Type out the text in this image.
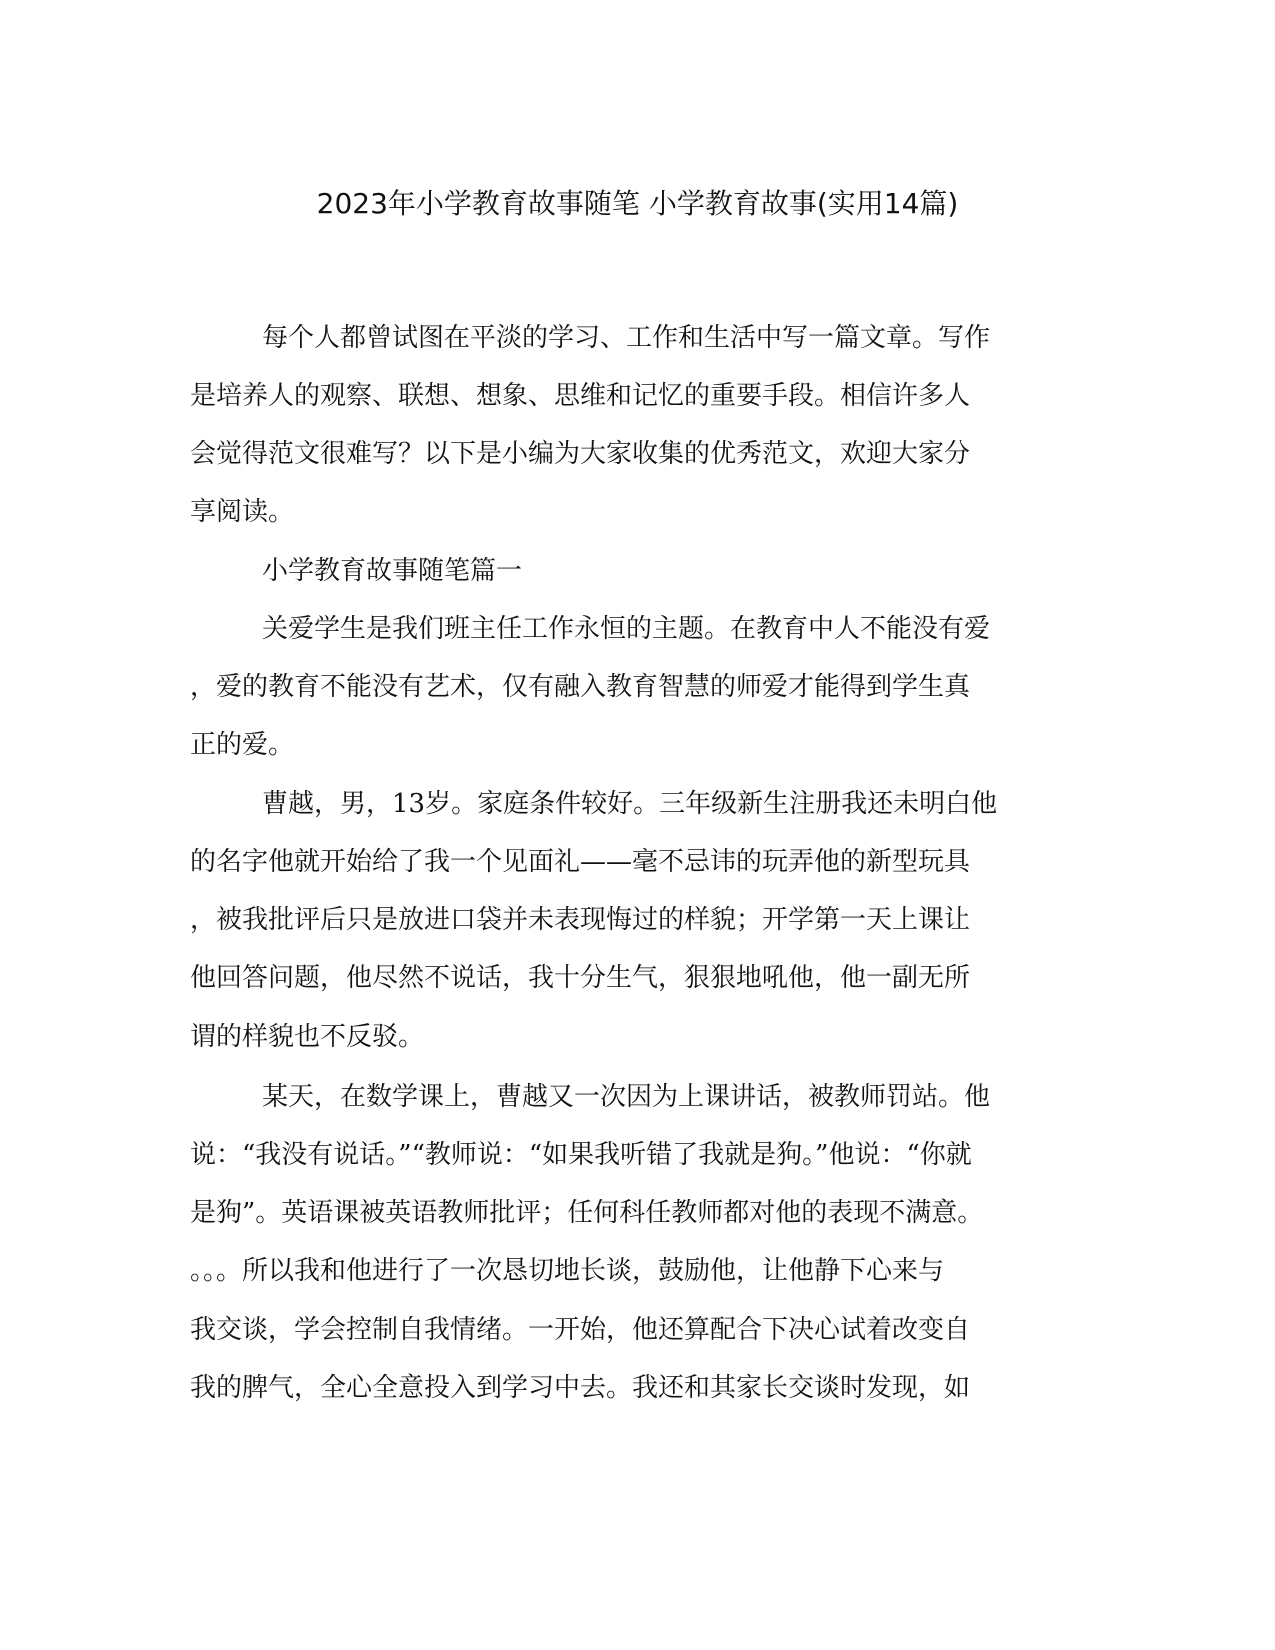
2023年小学教育故事随笔 小学教育故事(实用14篇)
每个人都曾试图在平淡的学习、工作和生活中写一篇文章。写作
是培养人的观察、联想、想象、思维和记忆的重要手段。相信许多人
会觉得范文很难写？以下是小编为大家收集的优秀范文，欢迎大家分
享阅读。
小学教育故事随笔篇一
关爱学生是我们班主任工作永恒的主题。在教育中人不能没有爱
，爱的教育不能没有艺术，仅有融入教育智慧的师爱才能得到学生真
正的爱。
曹越，男，13岁。家庭条件较好。三年级新生注册我还未明白他
的名字他就开始给了我一个见面礼——毫不忌讳的玩弄他的新型玩具
，被我批评后只是放进口袋并未表现悔过的样貌；开学第一天上课让
他回答问题，他尽然不说话，我十分生气，狠狠地吼他，他一副无所
谓的样貌也不反驳。
某天，在数学课上，曹越又一次因为上课讲话，被教师罚站。他
说：“我没有说话。”“教师说：“如果我听错了我就是狗。”他说：“你就
是狗”。英语课被英语教师批评；任何科任教师都对他的表现不满意。
。。。所以我和他进行了一次恳切地长谈，鼓励他，让他静下心来与
我交谈，学会控制自我情绪。一开始，他还算配合下决心试着改变自
我的脾气，全心全意投入到学习中去。我还和其家长交谈时发现，如
